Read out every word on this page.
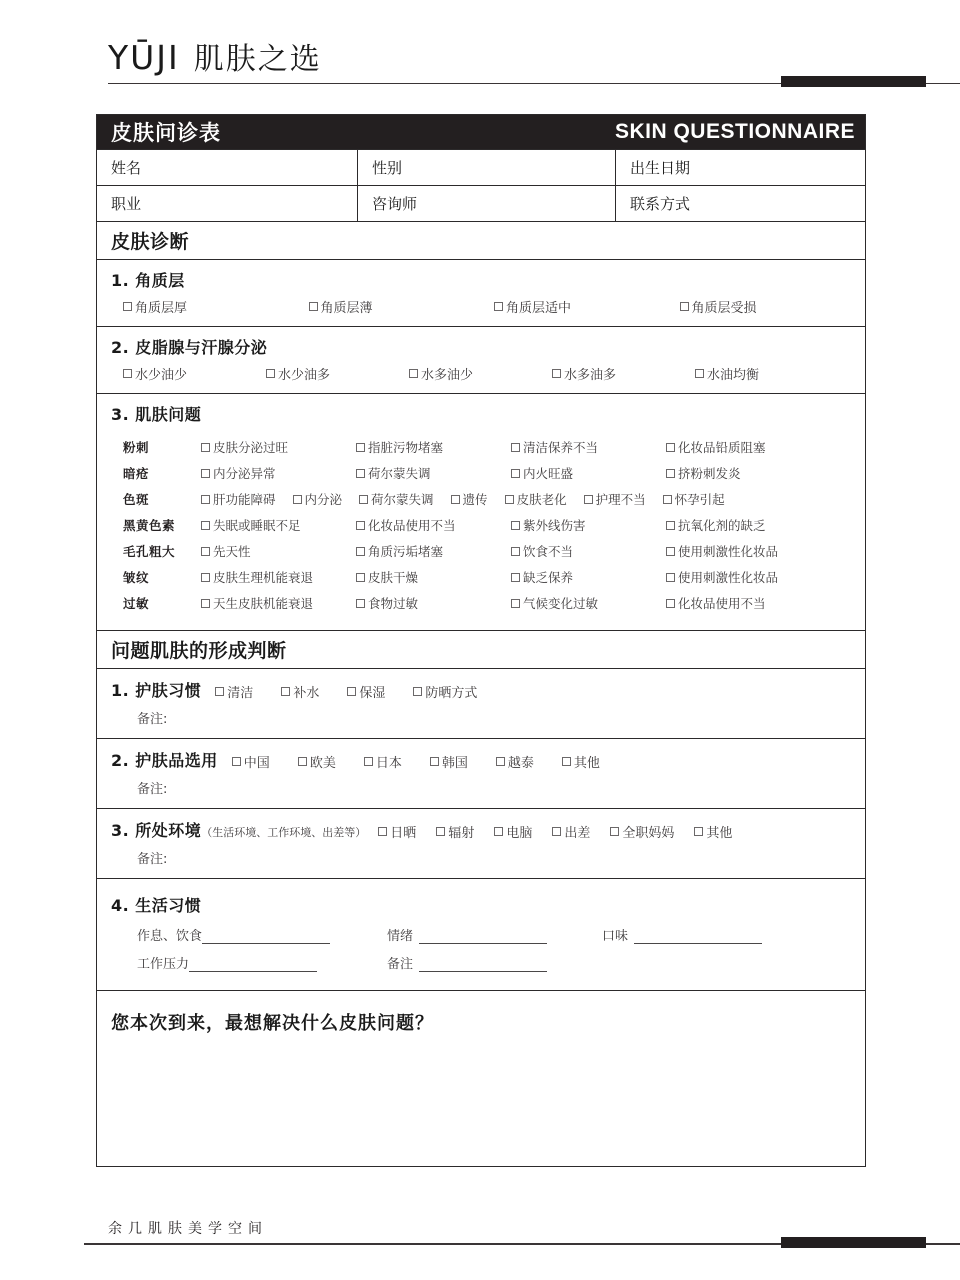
YŪJI 肌肤之选
皮肤问诊表	SKIN QUESTIONNAIRE
姓名	性别	出生日期
职业	咨询师	联系方式
皮肤诊断
1. 角质层
角质层厚	角质层薄	角质层适中	角质层受损
2. 皮脂腺与汗腺分泌
水少油少	水少油多	水多油少	水多油多	水油均衡
3. 肌肤问题
粉刺	皮肤分泌过旺	指脏污物堵塞	清洁保养不当	化妆品铅质阻塞
暗疮	内分泌异常	荷尔蒙失调	内火旺盛	挤粉刺发炎
色斑	肝功能障碍 内分泌 荷尔蒙失调 遗传 皮肤老化 护理不当 怀孕引起
黑黄色素	失眠或睡眠不足	化妆品使用不当	紫外线伤害	抗氧化剂的缺乏
毛孔粗大	先天性	角质污垢堵塞	饮食不当	使用刺激性化妆品
皱纹	皮肤生理机能衰退	皮肤干燥	缺乏保养	使用刺激性化妆品
过敏	天生皮肤机能衰退	食物过敏	气候变化过敏	化妆品使用不当
问题肌肤的形成判断
1. 护肤习惯 清洁	补水	保湿	防晒方式
备注:
2. 护肤品选用 中国	欧美	日本	韩国	越泰	其他
备注:
3. 所处环境 （生活环境、工作环境、出差等） 日晒 辐射 电脑 出差 全职妈妈 其他
备注:
4. 生活习惯
作息、饮食	情绪	口味
工作压力	备注
您本次到来，最想解决什么皮肤问题？
余几肌肤美学空间
